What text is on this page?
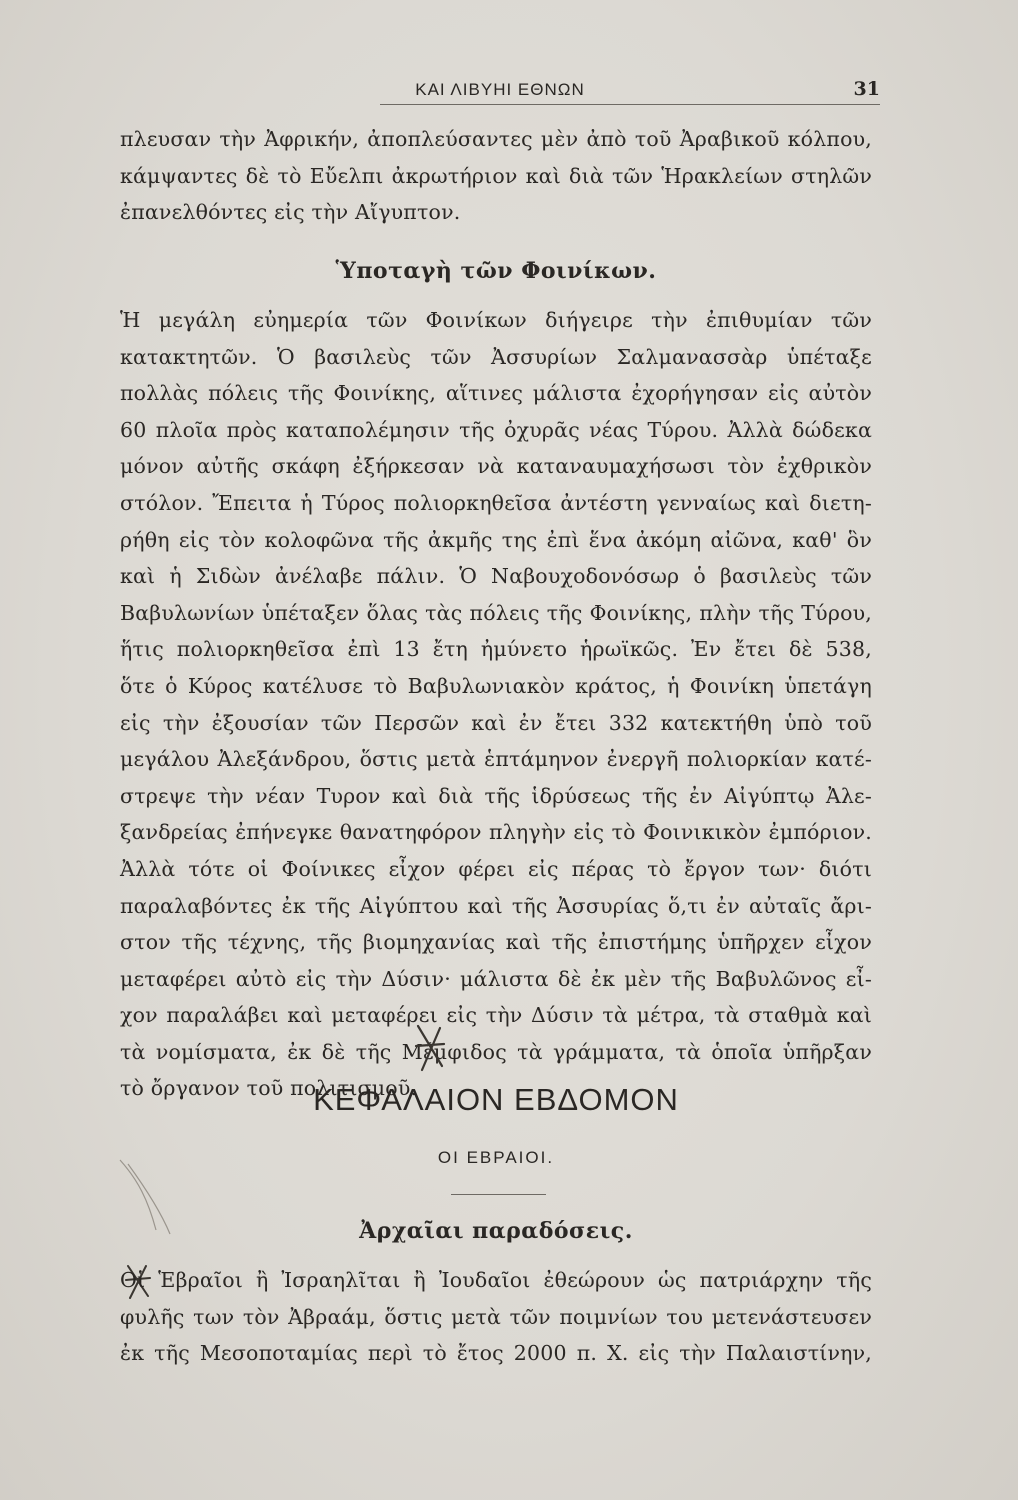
ΚΑΙ ΛΙΒΥΗΙ ΕΘΝΩΝ	31
πλευσαν τὴν Ἀφρικήν, ἀποπλεύσαντες μὲν ἀπὸ τοῦ Ἀραβικοῦ κόλπου,
κάμψαντες δὲ τὸ Εὔελπι ἀκρωτήριον καὶ διὰ τῶν Ἡρακλείων στηλῶν
ἐπανελθόντες εἰς τὴν Αἴγυπτον.
Ὑποταγὴ τῶν Φοινίκων.
Ἡ μεγάλη εὐημερία τῶν Φοινίκων διήγειρε τὴν ἐπιθυμίαν τῶν
κατακτητῶν. Ὁ βασιλεὺς τῶν Ἀσσυρίων Σαλμανασσὰρ ὑπέταξε
πολλὰς πόλεις τῆς Φοινίκης, αἵτινες μάλιστα ἐχορήγησαν εἰς αὐτὸν
60 πλοῖα πρὸς καταπολέμησιν τῆς ὀχυρᾶς νέας Τύρου. Ἀλλὰ δώδεκα
μόνον αὐτῆς σκάφη ἐξήρκεσαν νὰ καταναυμαχήσωσι τὸν ἐχθρικὸν
στόλον. Ἔπειτα ἡ Τύρος πολιορκηθεῖσα ἀντέστη γενναίως καὶ διετη-
ρήθη εἰς τὸν κολοφῶνα τῆς ἀκμῆς της ἐπὶ ἕνα ἀκόμη αἰῶνα, καθ' ὃν
καὶ ἡ Σιδὼν ἀνέλαβε πάλιν. Ὁ Ναβουχοδονόσωρ ὁ βασιλεὺς τῶν
Βαβυλωνίων ὑπέταξεν ὅλας τὰς πόλεις τῆς Φοινίκης, πλὴν τῆς Τύρου,
ἥτις πολιορκηθεῖσα ἐπὶ 13 ἔτη ἠμύνετο ἡρωϊκῶς. Ἐν ἔτει δὲ 538,
ὅτε ὁ Κύρος κατέλυσε τὸ Βαβυλωνιακὸν κράτος, ἡ Φοινίκη ὑπετάγη
εἰς τὴν ἐξουσίαν τῶν Περσῶν καὶ ἐν ἔτει 332 κατεκτήθη ὑπὸ τοῦ
μεγάλου Ἀλεξάνδρου, ὅστις μετὰ ἑπτάμηνον ἐνεργῆ πολιορκίαν κατέ-
στρεψε τὴν νέαν Τυρον καὶ διὰ τῆς ἱδρύσεως τῆς ἐν Αἰγύπτῳ Ἀλε-
ξανδρείας ἐπήνεγκε θανατηφόρον πληγὴν εἰς τὸ Φοινικικὸν ἐμπόριον.
Ἀλλὰ τότε οἱ Φοίνικες εἶχον φέρει εἰς πέρας τὸ ἔργον των· διότι
παραλαβόντες ἐκ τῆς Αἰγύπτου καὶ τῆς Ἀσσυρίας ὅ,τι ἐν αὐταῖς ἄρι-
στον τῆς τέχνης, τῆς βιομηχανίας καὶ τῆς ἐπιστήμης ὑπῆρχεν εἶχον
μεταφέρει αὐτὸ εἰς τὴν Δύσιν· μάλιστα δὲ ἐκ μὲν τῆς Βαβυλῶνος εἶ-
χον παραλάβει καὶ μεταφέρει εἰς τὴν Δύσιν τὰ μέτρα, τὰ σταθμὰ καὶ
τὰ νομίσματα, ἐκ δὲ τῆς Μέμφιδος τὰ γράμματα, τὰ ὁποῖα ὑπῆρξαν
τὸ ὄργανον τοῦ πολιτισμοῦ.
ΚΕΦΑΛΑΙΟΝ ΕΒΔΟΜΟΝ
ΟΙ ΕΒΡΑΙΟΙ.
Ἀρχαῖαι παραδόσεις.
Οἱ Ἑβραῖοι ἢ Ἰσραηλῖται ἢ Ἰουδαῖοι ἐθεώρουν ὡς πατριάρχην τῆς
φυλῆς των τὸν Ἀβραάμ, ὅστις μετὰ τῶν ποιμνίων του μετενάστευσεν
ἐκ τῆς Μεσοποταμίας περὶ τὸ ἔτος 2000 π. Χ. εἰς τὴν Παλαιστίνην,
